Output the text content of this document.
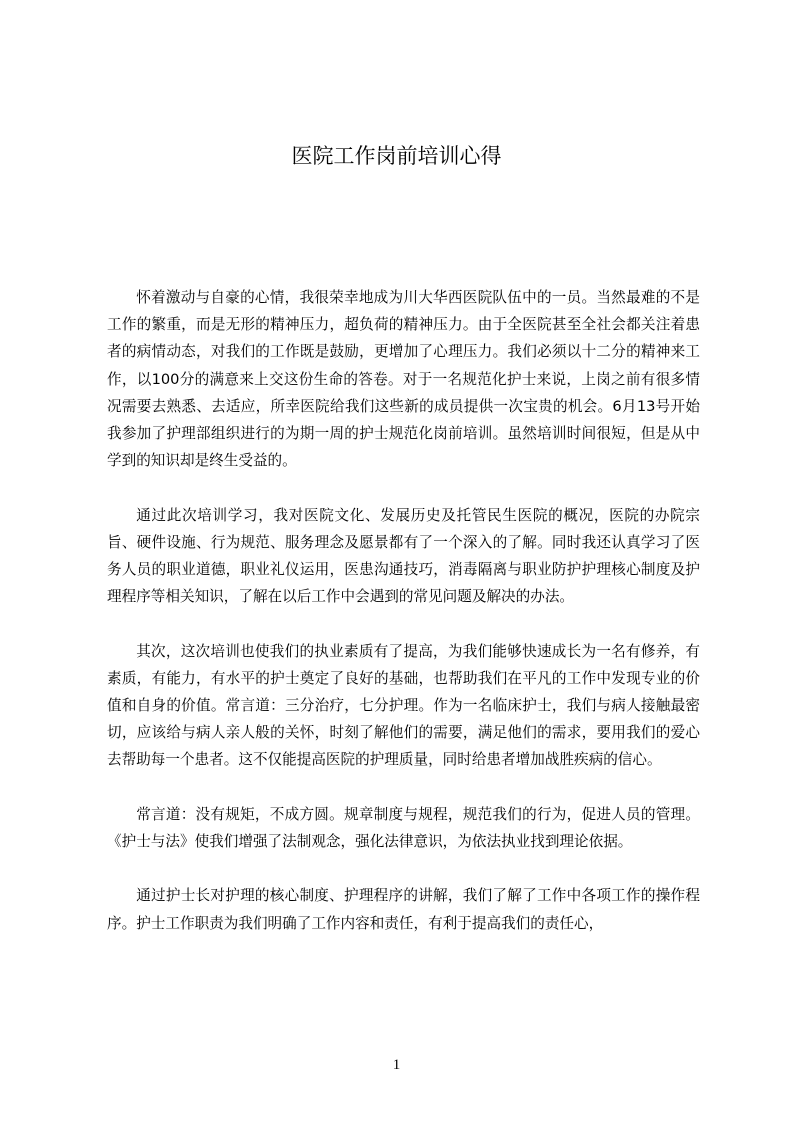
医院工作岗前培训心得

怀着激动与自豪的心情，我很荣幸地成为川大华西医院队伍中的一员。当然最难的不是工作的繁重，而是无形的精神压力，超负荷的精神压力。由于全医院甚至全社会都关注着患者的病情动态，对我们的工作既是鼓励，更增加了心理压力。我们必须以十二分的精神来工作，以100分的满意来上交这份生命的答卷。对于一名规范化护士来说，上岗之前有很多情况需要去熟悉、去适应，所幸医院给我们这些新的成员提供一次宝贵的机会。6月13号开始我参加了护理部组织进行的为期一周的护士规范化岗前培训。虽然培训时间很短，但是从中学到的知识却是终生受益的。

通过此次培训学习，我对医院文化、发展历史及托管民生医院的概况，医院的办院宗旨、硬件设施、行为规范、服务理念及愿景都有了一个深入的了解。同时我还认真学习了医务人员的职业道德，职业礼仪运用，医患沟通技巧，消毒隔离与职业防护护理核心制度及护理程序等相关知识，了解在以后工作中会遇到的常见问题及解决的办法。

其次，这次培训也使我们的执业素质有了提高，为我们能够快速成长为一名有修养，有素质，有能力，有水平的护士奠定了良好的基础，也帮助我们在平凡的工作中发现专业的价值和自身的价值。常言道：三分治疗，七分护理。作为一名临床护士，我们与病人接触最密切，应该给与病人亲人般的关怀，时刻了解他们的需要，满足他们的需求，要用我们的爱心去帮助每一个患者。这不仅能提高医院的护理质量，同时给患者增加战胜疾病的信心。

常言道：没有规矩，不成方圆。规章制度与规程，规范我们的行为，促进人员的管理。《护士与法》使我们增强了法制观念，强化法律意识，为依法执业找到理论依据。

通过护士长对护理的核心制度、护理程序的讲解，我们了解了工作中各项工作的操作程序。护士工作职责为我们明确了工作内容和责任，有利于提高我们的责任心，

1
